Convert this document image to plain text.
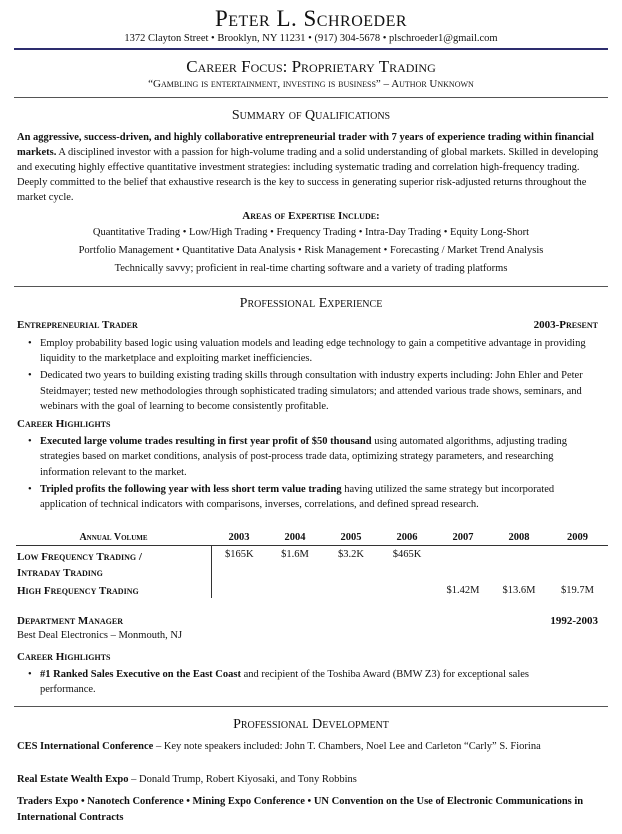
Peter L. Schroeder
1372 Clayton Street • Brooklyn, NY 11231 • (917) 304-5678 • plschroeder1@gmail.com
Career Focus: Proprietary Trading
“Gambling is entertainment, investing is business” – Author Unknown
Summary of Qualifications

An aggressive, success-driven, and highly collaborative entrepreneurial trader with 7 years of experience trading within financial markets. A disciplined investor with a passion for high-volume trading and a solid understanding of global markets. Skilled in developing and executing highly effective quantitative investment strategies: including systematic trading and correlation high-frequency trading. Deeply committed to the belief that exhaustive research is the key to success in generating superior risk-adjusted returns throughout the market cycle.

Areas of Expertise Include:
Quantitative Trading • Low/High Trading • Frequency Trading • Intra-Day Trading • Equity Long-Short
Portfolio Management • Quantitative Data Analysis • Risk Management • Forecasting / Market Trend Analysis
Technically savvy; proficient in real-time charting software and a variety of trading platforms
Professional Experience
Entrepreneurial Trader	2003-Present
• Employ probability based logic using valuation models and leading edge technology to gain a competitive advantage in providing liquidity to the marketplace and exploiting market inefficiencies.
• Dedicated two years to building existing trading skills through consultation with industry experts including: John Ehler and Peter Steidmayer; tested new methodologies through sophisticated trading simulators; and attended various trade shows, seminars, and webinars with the goal of learning to become consistently profitable.
Career Highlights
• Executed large volume trades resulting in first year profit of $50 thousand using automated algorithms, adjusting trading strategies based on market conditions, analysis of post-process trade data, optimizing strategy parameters, and researching information relevant to the market.
• Tripled profits the following year with less short term value trading having utilized the same strategy but incorporated application of technical indicators with comparisons, inverses, correlations, and defined spread research.
Annual Volume	2003	2004	2005	2006	2007	2008	2009

Low Frequency Trading /
Intraday Trading	$165K	$1.6M	$3.2K	$465K			
High Frequency Trading					$1.42M	$13.6M	$19.7M
Department Manager	1992-2003
Best Deal Electronics – Monmouth, NJ
Career Highlights
• #1 Ranked Sales Executive on the East Coast and recipient of the Toshiba Award (BMW Z3) for exceptional sales performance.
Professional Development

CES International Conference – Key note speakers included: John T. Chambers, Noel Lee and Carleton “Carly” S. Fiorina

Real Estate Wealth Expo – Donald Trump, Robert Kiyosaki, and Tony Robbins

Traders Expo • Nanotech Conference • Mining Expo Conference • UN Convention on the Use of Electronic Communications in International Contracts
